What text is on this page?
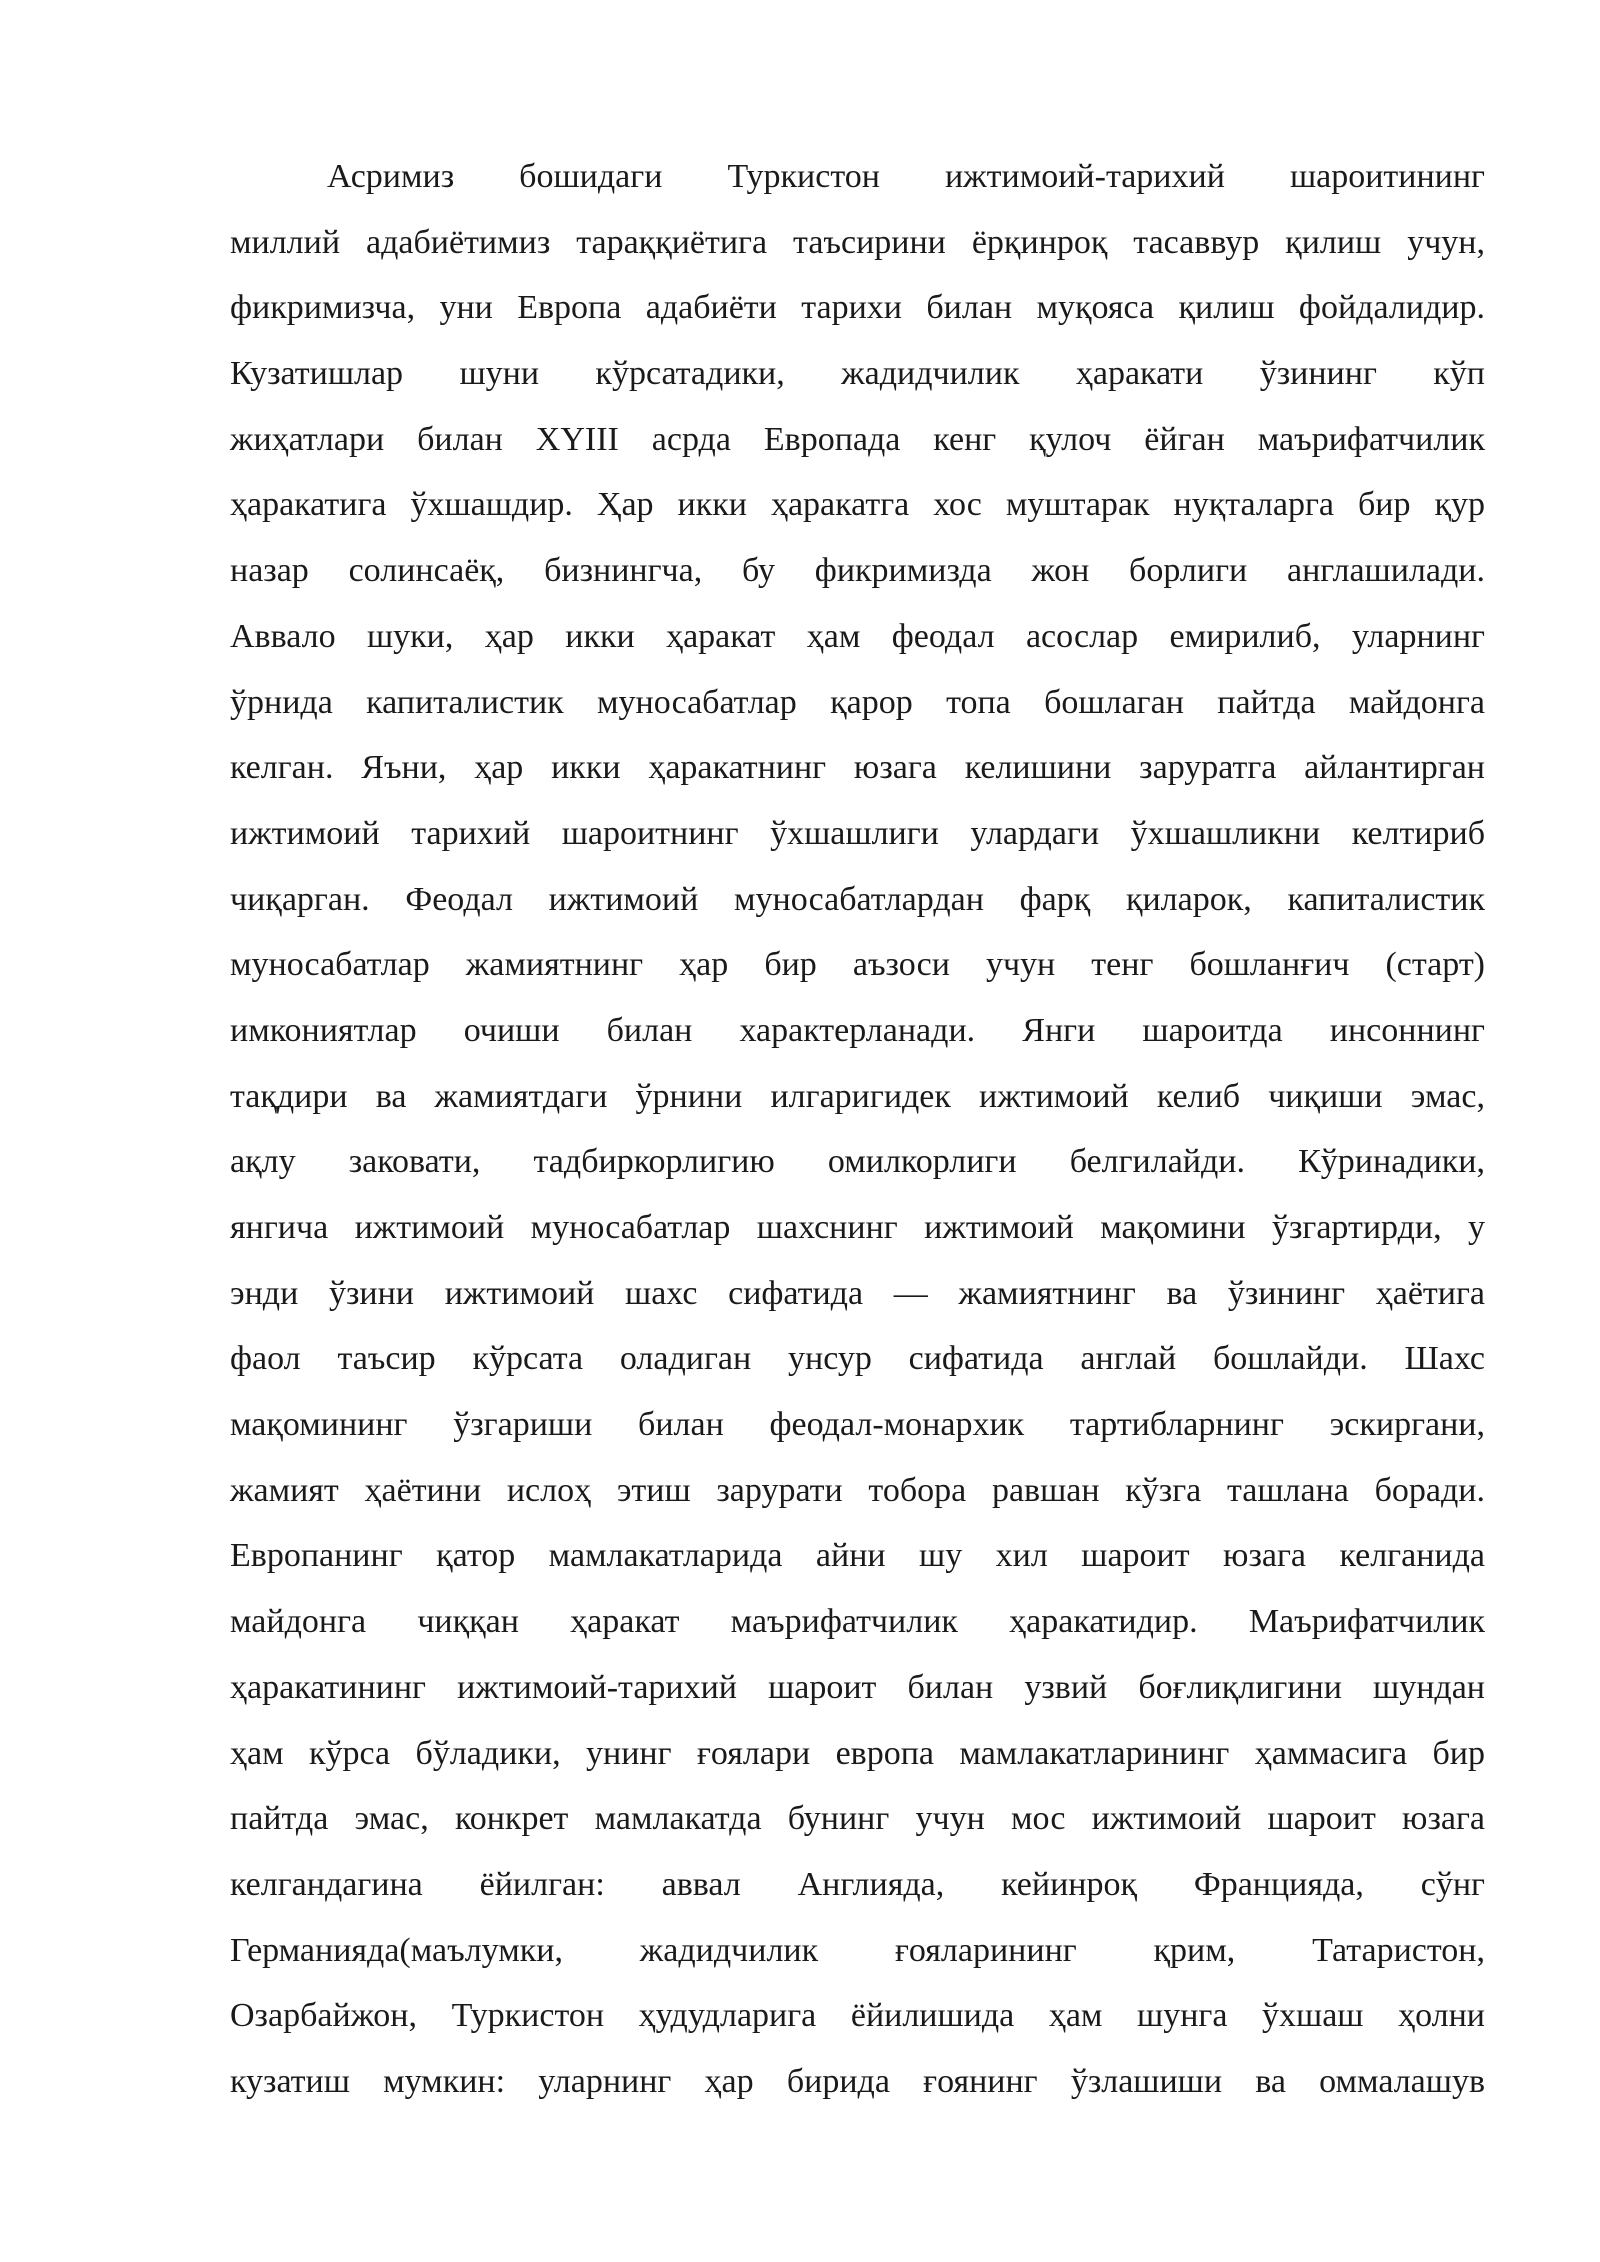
Асримиз бошидаги Туркистон ижтимоий-тарихий шароитининг
миллий адабиётимиз тараққиётига таъсирини ёрқинроқ тасаввур қилиш учун,
фикримизча, уни Европа адабиёти тарихи билан муқояса қилиш фойдалидир.
Кузатишлар шуни кўрсатадики, жадидчилик ҳаракати ўзининг кўп
жиҳатлари билан XYIII асрда Европада кенг қулоч ёйган маърифатчилик
ҳаракатига ўхшашдир. Ҳар икки ҳаракатга хос муштарак нуқталарга бир қур
назар солинсаёқ, бизнингча, бу фикримизда жон борлиги англашилади.
Аввало шуки, ҳар икки ҳаракат ҳам феодал асослар емирилиб, уларнинг
ўрнида капиталистик муносабатлар қарор топа бошлаган пайтда майдонга
келган. Яъни, ҳар икки ҳаракатнинг юзага келишини заруратга айлантирган
ижтимоий тарихий шароитнинг ўхшашлиги улардаги ўхшашликни келтириб
чиқарган. Феодал ижтимоий муносабатлардан фарқ қиларок, капиталистик
муносабатлар жамиятнинг ҳар бир аъзоси учун тенг бошланғич (старт)
имкониятлар очиши билан характерланади. Янги шароитда инсоннинг
тақдири ва жамиятдаги ўрнини илгаригидек ижтимоий келиб чиқиши эмас,
ақлу заковати, тадбиркорлигию омилкорлиги белгилайди. Кўринадики,
янгича ижтимоий муносабатлар шахснинг ижтимоий мақомини ўзгартирди, у
энди ўзини ижтимоий шахс сифатида — жамиятнинг ва ўзининг ҳаётига
фаол таъсир кўрсата оладиган унсур сифатида англай бошлайди. Шахс
мақомининг ўзгариши билан феодал-монархик тартибларнинг эскиргани,
жамият ҳаётини ислоҳ этиш зарурати тобора равшан кўзга ташлана боради.
Европанинг қатор мамлакатларида айни шу хил шароит юзага келганида
майдонга чиққан ҳаракат маърифатчилик ҳаракатидир. Маърифатчилик
ҳаракатининг ижтимоий-тарихий шароит билан узвий боғлиқлигини шундан
ҳам кўрса бўладики, унинг ғоялари европа мамлакатларининг ҳаммасига бир
пайтда эмас, конкрет мамлакатда бунинг учун мос ижтимоий шароит юзага
келгандагина ёйилган: аввал Англияда, кейинроқ Францияда, сўнг
Германияда(маълумки, жадидчилик ғояларининг қрим, Татаристон,
Озарбайжон, Туркистон ҳудудларига ёйилишида ҳам шунга ўхшаш ҳолни
кузатиш мумкин: уларнинг ҳар бирида ғоянинг ўзлашиши ва оммалашув
